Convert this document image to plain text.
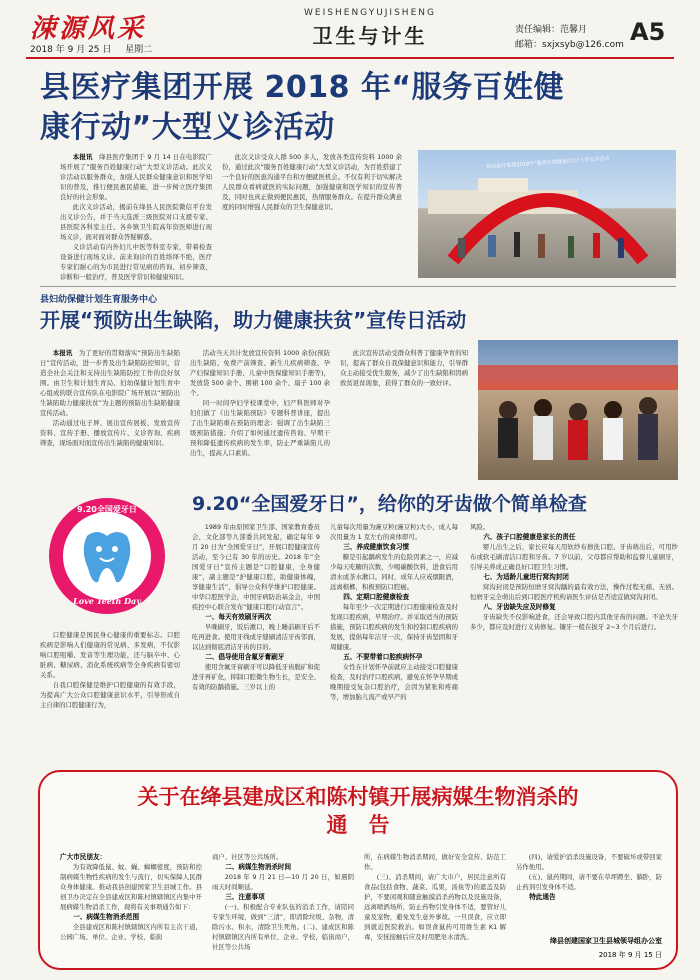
涑源风采
2018 年 9 月 25 日 星期二
WEISHENGYUJISHENG
卫生与计生	责任编辑：范馨月
邮箱：sxjxsyb@126.com A5
县医疗集团开展 2018 年“服务百姓健
康行动”大型义诊活动
本报讯　 绛县医疗集团于 9 月 14 日在电影院广场开展了“服务百姓健康行动”大型义诊活动。此次义诊活动以服务群众，加强人民群众健康意识和医学知识的普及，推行便民惠民措施，进一步树立医疗集团良好的社会形象。
此次义诊活动，揭前在绛县人民医院微信平台发出义诊公告，并于当天选派三级医院对口支援专家、县医院各科室主任、各乡镇卫生院高年资医师进行现场义诊，面对面对群众答疑解惑。
义诊活动有内外妇儿中医等科室专家，带着检查设备进行现场义诊。前来询诊的百姓络绎不绝，医疗专家们耐心的为市民进行常见病的咨询、初步筛查，诊断和一般治疗，普及医学常识和健康知识。
此次义诊受众人群 500 多人，发放各类宣传资料 1000 余份，通过此次“服务百姓健康行动”大型义诊活动，为百姓搭建了一个良好的医患沟通平台和方便就医机会。不仅有利于切实解决人民群众看病就医的实际问题，加强健康和医学知识的宣传普及，同时也真正做到便民惠民，热情服务群众。在提升群众满意度的同时增强人民群众的卫生保健意识。
绛县医疗集团2018年“服务百姓健康行动”大型义诊活动
县妇幼保健计划生育服务中心
开展“预防出生缺陷，助力健康扶贫”宣传日活动
本报讯　 为了更好的贯彻落实“预防出生缺陷日”宣传活动，进一步普及出生缺陷防控知识，营造全社会关注和支持出生缺陷防控工作的良好氛围。由卫生和计划生育局、妇幼保健计划生育中心组成的联合宣传队在电影院广场开展以“预防出生缺陷助力健康扶贫”为主题的预防出生缺陷健康宣传活动。
活动通过电子屏、展出宣传展板、发放宣传资料、宣传手册、播放宣传片、义诊咨询、疾病筛查，现场面对面宣传出生缺陷的健康知识。
活动当天共计发放宣传资料 1000 余份(预防出生缺陷、免费产前筛查、新生儿疾病筛查、孕产妇保健知识手册、儿童中医保健知识手册等)，发放袋 500 余个、围裙 100 余个、扇子 100 余个。
同一时间孕妇学校课堂中，妇产科医师对孕妇们做了《出生缺陷预防》专题科普讲座，提出了出生缺陷重在预防的理念：强调了出生缺陷三级预防措施；介绍了如何通过遗传咨询、早期干预和降低遗传疾病的发生率，防止严重缺陷儿的出生，提高人口素质。
此次宣传活动受群众科普了健康孕育的知识，提高了群众自我保健意识和能力，引导群众主动接受优生服务，减少了出生缺陷和因病致贫返贫现象，获得了群众的一致好评。
9.20“全国爱牙日”，给你的牙齿做个简单检查
9.20全国爱牙日
Love Teeth Day
口腔健康是国民身心健康的重要标志。口腔疾病是影响人们健康的常见病、多发病，不仅影响口腔咀嚼、发音等生理功能，还与脑卒中、心脏病、糖尿病、消化系统疾病等全身疾病有密切关系。
自我口腔保健是维护口腔健康的有效手段，为提高广大公众口腔健康意识水平，引导形成自主自律的口腔健康行为，
1989 年由原国家卫生部、国家教育委员会，文化部等九部委共同发起，确定每年 9 月 20 日为“全国爱牙日”，开展口腔健康宣传活动，至今已有 30 年的历史。2018 年“全国爱牙日”宣传主题是“口腔健康，全身健康”，副主题是“护健康口腔，助健康体魄，享健康生活”，倡导公众科学维护口腔健康。中华口腔医学会，中国牙病防治基金会，中国疾控中心联合发布“健康口腔行动宣言”。
一、每天有效刷牙两次
早晚刷牙，饭后漱口，晚上睡前刷牙后不吃再进食。使用牙线或牙缝刷清洁牙齿邻面，以达到彻底清洁牙齿的目的。
二、倡导使用含氟牙膏刷牙
使用含氟牙膏刷牙可以降低牙齿脱矿和促进牙再矿化，抑制口腔微生物生长，是安全、有效的防龋措施。三岁以上的
儿童每次用量为豌豆粒(豌豆粒)大小，成人每次用量为 1 克左右的膏体即可。
三、养成健康饮食习惯
糖是引起龋病发生的危险因素之一，应减少每天吃糖的次数，少喝碳酸饮料，进食后用清水或茶水漱口。同时，成年人应戒烟限酒，远离槟榔，积极预防口腔癌。
四、定期口腔健康检查
每年至少一次定期进行口腔健康检查及时发现口腔疾病，早期治疗。并采取适当的预防措施，预防口腔疾病的发生和控制口腔疾病的发展，提倡每年洁牙一次，保持牙齿坚固和牙周健康。
五、不要带着口腔疾病怀孕
女性在计划怀孕前就应主动接受口腔健康检查，及时治疗口腔疾病，避免在怀孕早期或晚期接受复杂口腔治疗，会因为紧张和疼痛等，增加胎儿流产或早产的
风险。
六、孩子口腔健康是家长的责任
婴儿出生之后，家长应每天用软纱布擦洗口腔。牙齿萌出后，可用纱布或软毛刷清洁口腔和牙齿。7 岁以前，父母都应帮助和监督儿童刷牙，引导关养成正确良好口腔卫生习惯。
七、为适龄儿童进行窝沟封闭
窝沟封闭是预防恒磨牙窝沟龋的最有效方法，操作过程无痛、无创。恒磨牙完全萌出后到口腔医疗机构请医生评估是否适宜做窝沟封闭。
八、牙齿缺失应及时修复
牙齿缺失不仅影响进食，还会导致口腔内其他牙齿的问题。不论失牙多少，都应及时进行义齿修复。镶牙一般在拔牙 2~3 个月后进行。
关于在绛县建成区和陈村镇开展病媒生物消杀的
通　告
广大市民朋友：
为有效降低鼠、蚊、蝇、蟑螂密度，预防和控制病媒生物性疾病的发生与流行，切实保障人民群众身体健康。推动我县创建国家卫生县城工作。县创卫办决定在全县建成区和陈村镇辖镇区内集中开展病媒生物消杀工作，现将有关事项通告如下：
一、病媒生物消杀范围
全县建成区和陈村镇辖镇区内所有主次干道，公园广场、单位、企业、学校、临街
商户、社区等公共场所。
二、病媒生物消杀时间
2018 年 9 月 21 日—10 月 20 日，如遇阴雨天时间顺延。
三、注意事项
(一)、积极配合专业队伍的消杀工作，请陪同专家生环境，做到“三清”，即清除垃圾、杂物，清除污水、积水，清除卫生死角。(二)、建成区和陈村镇辖镇区内所有单位、企业、学校，临街商户，社区等公共场
所，在病媒生物消杀期间，做好安全宣传、防范工作。
(三)、消杀期间，请广大市户，居民注意所有食品(包括食物、蔬菜、瓜果，汤鱼等)的遮盖及防护，不要闲观和随意触摸消杀药物以及设施设备，远离喷洒场所，防止药物引发身体不适，要管好儿童及宠物，避免发生意外事故。一旦误食，应立即到就近医院救治。如误食鼠药可用维生素 K1 解毒，安抚接触后应及时用肥皂水清洗。
(四)、请爱护消杀设施设备，不要破坏或带回家另作他用。
(五)、鼠药期间，请不要在草坪蹲坐、躺卧，防止药剂引发身体不适。
特此通告
绛县创建国家卫生县城领导组办公室
2018 年 9 月 15 日
